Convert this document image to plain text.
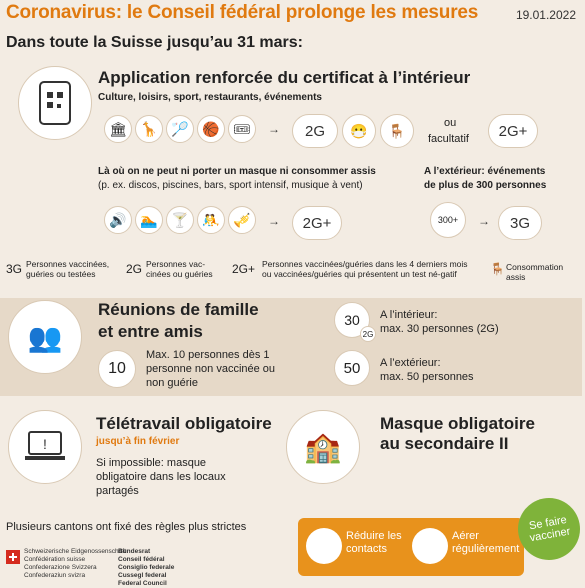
Coronavirus: le Conseil fédéral prolonge les mesures	19.01.2022
Dans toute la Suisse jusqu’au 31 mars:
Application renforcée du certificat à l’intérieur
Culture, loisirs, sport, restaurants, événements
🏛 🦒 🏸 🏀 🎟	→	2G	😷	🪑	ou
facultatif	2G+
Là où on ne peut ni porter un masque ni consommer assis
(p. ex. discos, piscines, bars, sport intensif, musique à vent)
🔊 🏊 🍸 🤼 🎺	→	2G+
A l’extérieur: événements
de plus de 300 personnes
300+	→	3G
3G Personnes vaccinées, guéries ou testées	2G Personnes vac-cinées ou guéries	2G+ Personnes vaccinées/guéries dans les 4 derniers mois ou vaccinées/guéries qui présentent un test né-gatif	🪑 Consommation assis
👥
Réunions de famille
et entre amis
10
Max. 10 personnes dès 1 personne non vaccinée ou non guérie
30
2G
A l’intérieur:
max. 30 personnes (2G)
50	A l’extérieur:
max. 50 personnes
!
Télétravail obligatoire
jusqu’à fin février
Si impossible: masque obligatoire dans les locaux partagés
🏫
Masque obligatoire
au secondaire II
Plusieurs cantons ont fixé des règles plus strictes
Schweizerische Eidgenossenschaft
Confédération suisse
Confederazione Svizzera
Confederaziun svizra
Bundesrat
Conseil fédéral
Consiglio federale
Cussegl federal
Federal Council
Réduire les contacts
Aérer régulièrement
Se faire vacciner
